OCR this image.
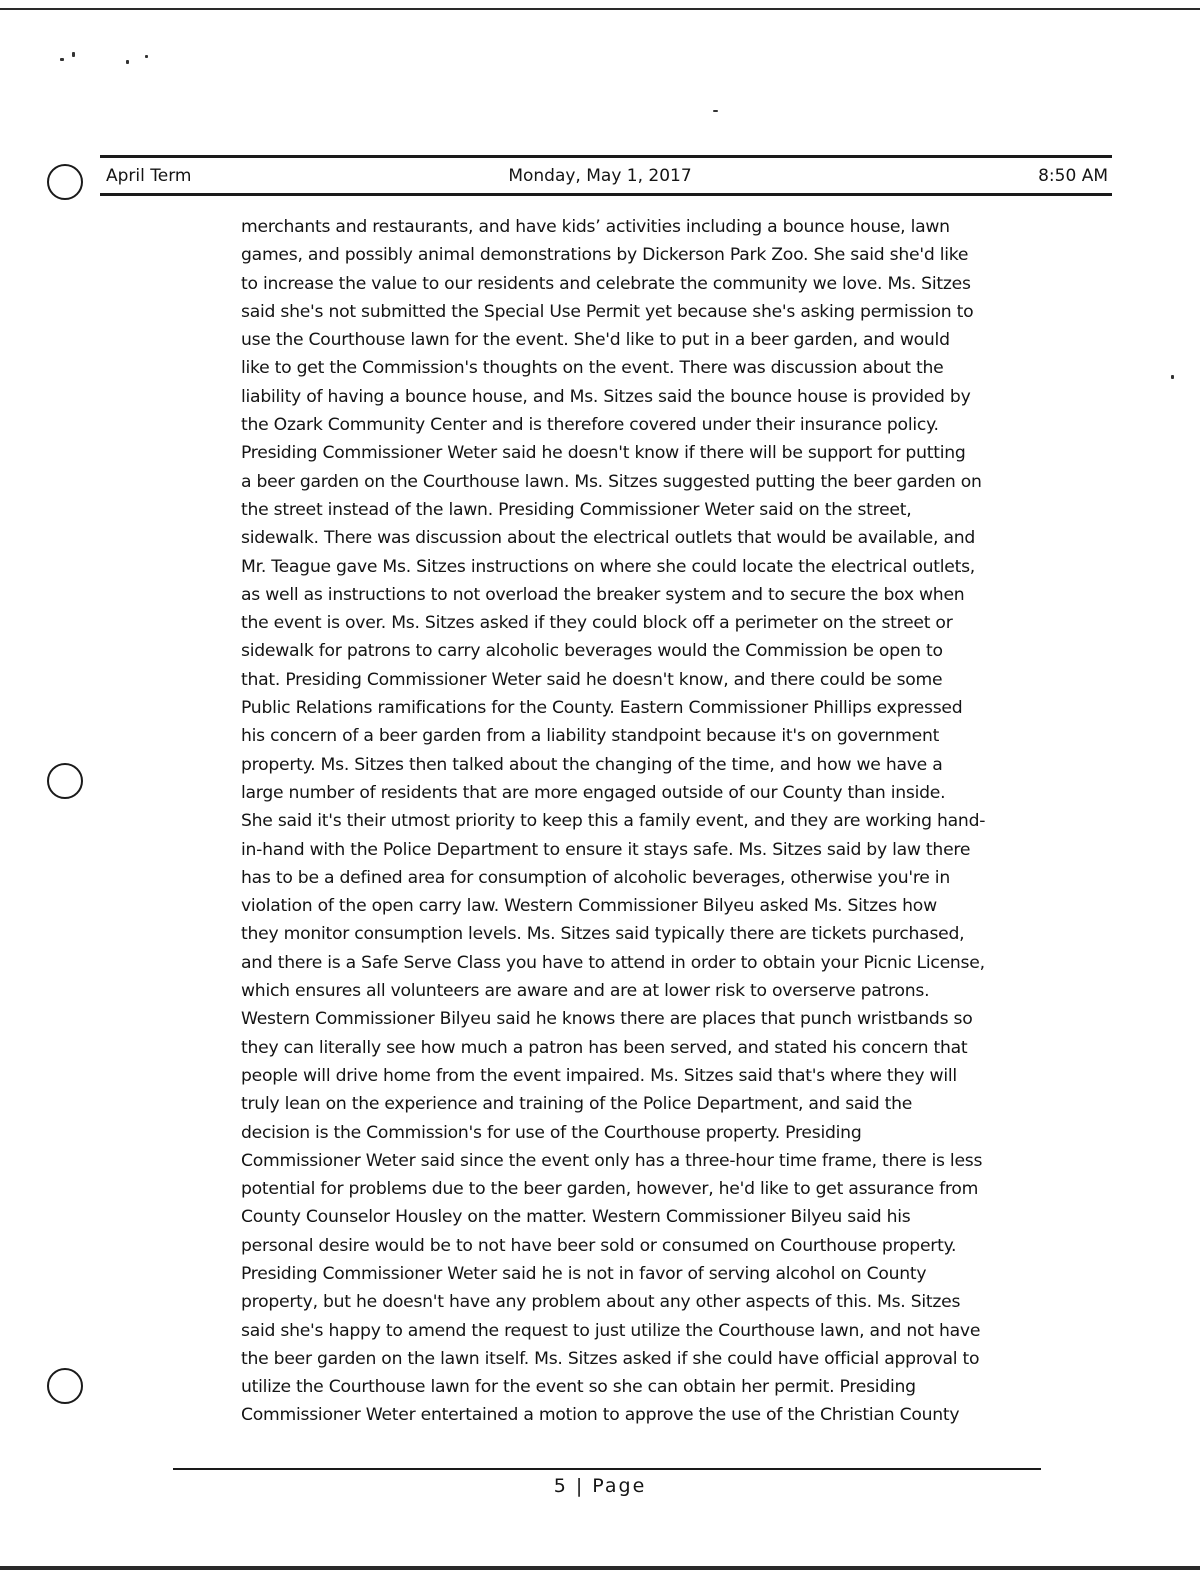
April Term	Monday, May 1, 2017	8:50 AM
merchants and restaurants, and have kids’ activities including a bounce house, lawn
games, and possibly animal demonstrations by Dickerson Park Zoo. She said she'd like
to increase the value to our residents and celebrate the community we love. Ms. Sitzes
said she's not submitted the Special Use Permit yet because she's asking permission to
use the Courthouse lawn for the event. She'd like to put in a beer garden, and would
like to get the Commission's thoughts on the event. There was discussion about the
liability of having a bounce house, and Ms. Sitzes said the bounce house is provided by
the Ozark Community Center and is therefore covered under their insurance policy.
Presiding Commissioner Weter said he doesn't know if there will be support for putting
a beer garden on the Courthouse lawn. Ms. Sitzes suggested putting the beer garden on
the street instead of the lawn. Presiding Commissioner Weter said on the street,
sidewalk. There was discussion about the electrical outlets that would be available, and
Mr. Teague gave Ms. Sitzes instructions on where she could locate the electrical outlets,
as well as instructions to not overload the breaker system and to secure the box when
the event is over. Ms. Sitzes asked if they could block off a perimeter on the street or
sidewalk for patrons to carry alcoholic beverages would the Commission be open to
that. Presiding Commissioner Weter said he doesn't know, and there could be some
Public Relations ramifications for the County. Eastern Commissioner Phillips expressed
his concern of a beer garden from a liability standpoint because it's on government
property. Ms. Sitzes then talked about the changing of the time, and how we have a
large number of residents that are more engaged outside of our County than inside.
She said it's their utmost priority to keep this a family event, and they are working hand-
in-hand with the Police Department to ensure it stays safe. Ms. Sitzes said by law there
has to be a defined area for consumption of alcoholic beverages, otherwise you're in
violation of the open carry law. Western Commissioner Bilyeu asked Ms. Sitzes how
they monitor consumption levels. Ms. Sitzes said typically there are tickets purchased,
and there is a Safe Serve Class you have to attend in order to obtain your Picnic License,
which ensures all volunteers are aware and are at lower risk to overserve patrons.
Western Commissioner Bilyeu said he knows there are places that punch wristbands so
they can literally see how much a patron has been served, and stated his concern that
people will drive home from the event impaired. Ms. Sitzes said that's where they will
truly lean on the experience and training of the Police Department, and said the
decision is the Commission's for use of the Courthouse property. Presiding
Commissioner Weter said since the event only has a three-hour time frame, there is less
potential for problems due to the beer garden, however, he'd like to get assurance from
County Counselor Housley on the matter. Western Commissioner Bilyeu said his
personal desire would be to not have beer sold or consumed on Courthouse property.
Presiding Commissioner Weter said he is not in favor of serving alcohol on County
property, but he doesn't have any problem about any other aspects of this. Ms. Sitzes
said she's happy to amend the request to just utilize the Courthouse lawn, and not have
the beer garden on the lawn itself. Ms. Sitzes asked if she could have official approval to
utilize the Courthouse lawn for the event so she can obtain her permit. Presiding
Commissioner Weter entertained a motion to approve the use of the Christian County
5 | Page
